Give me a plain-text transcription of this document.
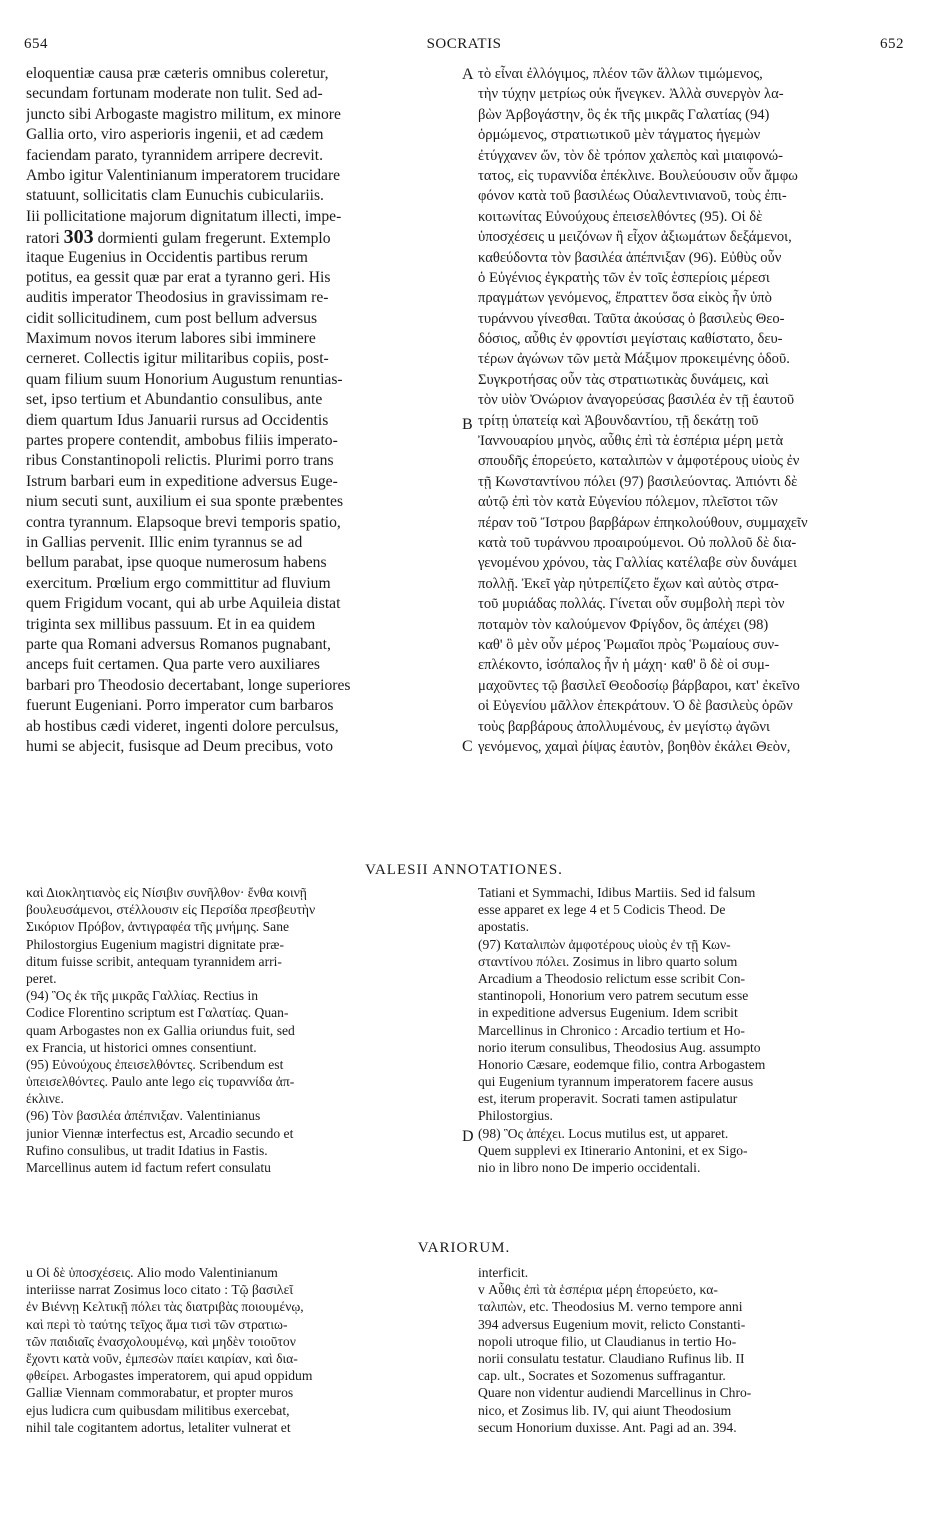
654	SOCRATIS	652
eloquentiæ causa præ cæteris omnibus coleretur,
secundam fortunam moderate non tulit. Sed ad-
juncto sibi Arbogaste magistro militum, ex minore
Gallia orto, viro asperioris ingenii, et ad cædem
faciendam parato, tyrannidem arripere decrevit.
Ambo igitur Valentinianum imperatorem trucidare
statuunt, sollicitatis clam Eunuchis cubiculariis.
Iii pollicitatione majorum dignitatum illecti, impe-
ratori 303 dormienti gulam fregerunt. Extemplo
itaque Eugenius in Occidentis partibus rerum
potitus, ea gessit quæ par erat a tyranno geri. His
auditis imperator Theodosius in gravissimam re-
cidit sollicitudinem, cum post bellum adversus
Maximum novos iterum labores sibi imminere
cerneret. Collectis igitur militaribus copiis, post-
quam filium suum Honorium Augustum renuntias-
set, ipso tertium et Abundantio consulibus, ante
diem quartum Idus Januarii rursus ad Occidentis
partes propere contendit, ambobus filiis imperato-
ribus Constantinopoli relictis. Plurimi porro trans
Istrum barbari eum in expeditione adversus Euge-
nium secuti sunt, auxilium ei sua sponte præbentes
contra tyrannum. Elapsoque brevi temporis spatio,
in Gallias pervenit. Illic enim tyrannus se ad
bellum parabat, ipse quoque numerosum habens
exercitum. Prœlium ergo committitur ad fluvium
quem Frigidum vocant, qui ab urbe Aquileia distat
triginta sex millibus passuum. Et in ea quidem
parte qua Romani adversus Romanos pugnabant,
anceps fuit certamen. Qua parte vero auxiliares
barbari pro Theodosio decertabant, longe superiores
fuerunt Eugeniani. Porro imperator cum barbaros
ab hostibus cædi videret, ingenti dolore perculsus,
humi se abjecit, fusisque ad Deum precibus, voto
τὸ εἶναι ἐλλόγιμος, πλέον τῶν ἄλλων τιμώμενος,
τὴν τύχην μετρίως οὐκ ἤνεγκεν. Ἀλλὰ συνεργὸν λα-
βὼν Ἀρβογάστην, ὃς ἐκ τῆς μικρᾶς Γαλατίας (94)
ὁρμώμενος, στρατιωτικοῦ μὲν τάγματος ἡγεμὼν
ἐτύγχανεν ὤν, τὸν δὲ τρόπον χαλεπὸς καὶ μιαιφονώ-
τατος, εἰς τυραννίδα ἐπέκλινε. Βουλεύουσιν οὖν ἄμφω
φόνον κατὰ τοῦ βασιλέως Οὐαλεντινιανοῦ, τοὺς ἐπι-
κοιτωνίτας Εὐνούχους ἐπεισελθόντες (95). Οἱ δὲ
ὑποσχέσεις u μειζόνων ἢ εἶχον ἀξιωμάτων δεξάμενοι,
καθεύδοντα τὸν βασιλέα ἀπέπνιξαν (96). Εὐθὺς οὖν
ὁ Εὐγένιος ἐγκρατὴς τῶν ἐν τοῖς ἑσπερίοις μέρεσι
πραγμάτων γενόμενος, ἔπραττεν ὅσα εἰκὸς ἦν ὑπὸ
τυράννου γίνεσθαι. Ταῦτα ἀκούσας ὁ βασιλεὺς Θεο-
δόσιος, αὖθις ἐν φροντίσι μεγίσταις καθίστατο, δευ-
τέρων ἀγώνων τῶν μετὰ Μάξιμον προκειμένης ὁδοῦ.
Συγκροτήσας οὖν τὰς στρατιωτικὰς δυνάμεις, καὶ
τὸν υἱὸν Ὀνώριον ἀναγορεύσας βασιλέα ἐν τῇ ἑαυτοῦ
τρίτῃ ὑπατείᾳ καὶ Ἀβουνδαντίου, τῇ δεκάτῃ τοῦ
Ἰαννουαρίου μηνὸς, αὖθις ἐπὶ τὰ ἑσπέρια μέρη μετὰ
σπουδῆς ἐπορεύετο, καταλιπὼν v ἀμφοτέρους υἱοὺς ἐν
τῇ Κωνσταντίνου πόλει (97) βασιλεύοντας. Ἀπιόντι δὲ
αὐτῷ ἐπὶ τὸν κατὰ Εὐγενίου πόλεμον, πλεῖστοι τῶν
πέραν τοῦ Ἴστρου βαρβάρων ἐπηκολούθουν, συμμαχεῖν
κατὰ τοῦ τυράννου προαιρούμενοι. Οὐ πολλοῦ δὲ δια-
γενομένου χρόνου, τὰς Γαλλίας κατέλαβε σὺν δυνάμει
πολλῇ. Ἐκεῖ γὰρ ηὐτρεπίζετο ἔχων καὶ αὐτὸς στρα-
τοῦ μυριάδας πολλάς. Γίνεται οὖν συμβολὴ περὶ τὸν
ποταμὸν τὸν καλούμενον Φρίγδον, ὃς ἀπέχει (98)
καθ' ὃ μὲν οὖν μέρος Ῥωμαῖοι πρὸς Ῥωμαίους συν-
επλέκοντο, ἰσόπαλος ἦν ἡ μάχη· καθ' ὃ δὲ οἱ συμ-
μαχοῦντες τῷ βασιλεῖ Θεοδοσίῳ βάρβαροι, κατ' ἐκεῖνο
οἱ Εὐγενίου μᾶλλον ἐπεκράτουν. Ὁ δὲ βασιλεὺς ὁρῶν
τοὺς βαρβάρους ἀπολλυμένους, ἐν μεγίστῳ ἀγῶνι
γενόμενος, χαμαὶ ῥίψας ἑαυτὸν, βοηθὸν ἐκάλει Θεὸν,
A
B
C
D
VALESII ANNOTATIONES.
καὶ Διοκλητιανὸς εἰς Νίσιβιν συνῆλθον· ἔνθα κοινῇ
βουλευσάμενοι, στέλλουσιν εἰς Περσίδα πρεσβευτὴν
Σικόριον Πρόβον, ἀντιγραφέα τῆς μνήμης. Sane
Philostorgius Eugenium magistri dignitate præ-
ditum fuisse scribit, antequam tyrannidem arri-
peret.
(94) Ὃς ἐκ τῆς μικρᾶς Γαλλίας. Rectius in
Codice Florentino scriptum est Γαλατίας. Quan-
quam Arbogastes non ex Gallia oriundus fuit, sed
ex Francia, ut historici omnes consentiunt.
(95) Εὐνούχους ἐπεισελθόντες. Scribendum est
ὑπεισελθόντες. Paulo ante lego εἰς τυραννίδα ἀπ-
έκλινε.
(96) Τὸν βασιλέα ἀπέπνιξαν. Valentinianus
junior Viennæ interfectus est, Arcadio secundo et
Rufino consulibus, ut tradit Idatius in Fastis.
Marcellinus autem id factum refert consulatu
Tatiani et Symmachi, Idibus Martiis. Sed id falsum
esse apparet ex lege 4 et 5 Codicis Theod. De
apostatis.
(97) Καταλιπὼν ἀμφοτέρους υἱοὺς ἐν τῇ Κων-
σταντίνου πόλει. Zosimus in libro quarto solum
Arcadium a Theodosio relictum esse scribit Con-
stantinopoli, Honorium vero patrem secutum esse
in expeditione adversus Eugenium. Idem scribit
Marcellinus in Chronico : Arcadio tertium et Ho-
norio iterum consulibus, Theodosius Aug. assumpto
Honorio Cæsare, eodemque filio, contra Arbogastem
qui Eugenium tyrannum imperatorem facere ausus
est, iterum properavit. Socrati tamen astipulatur
Philostorgius.
(98) Ὃς ἀπέχει. Locus mutilus est, ut apparet.
Quem supplevi ex Itinerario Antonini, et ex Sigo-
nio in libro nono De imperio occidentali.
VARIORUM.
u Οἱ δὲ ὑποσχέσεις. Alio modo Valentinianum
interiisse narrat Zosimus loco citato : Τῷ βασιλεῖ
ἐν Βιέννῃ Κελτικῇ πόλει τὰς διατριβὰς ποιουμένῳ,
καὶ περὶ τὸ ταύτης τεῖχος ἅμα τισὶ τῶν στρατιω-
τῶν παιδιαῖς ἐνασχολουμένῳ, καὶ μηδὲν τοιοῦτον
ἔχοντι κατὰ νοῦν, ἐμπεσὼν παίει καιρίαν, καὶ δια-
φθείρει. Arbogastes imperatorem, qui apud oppidum
Galliæ Viennam commorabatur, et propter muros
ejus ludicra cum quibusdam militibus exercebat,
nihil tale cogitantem adortus, letaliter vulnerat et
interficit.
v Αὖθις ἐπὶ τὰ ἑσπέρια μέρη ἐπορεύετο, κα-
ταλιπὼν, etc. Theodosius M. verno tempore anni
394 adversus Eugenium movit, relicto Constanti-
nopoli utroque filio, ut Claudianus in tertio Ho-
norii consulatu testatur. Claudiano Rufinus lib. II
cap. ult., Socrates et Sozomenus suffragantur.
Quare non videntur audiendi Marcellinus in Chro-
nico, et Zosimus lib. IV, qui aiunt Theodosium
secum Honorium duxisse. Ant. Pagi ad an. 394.
